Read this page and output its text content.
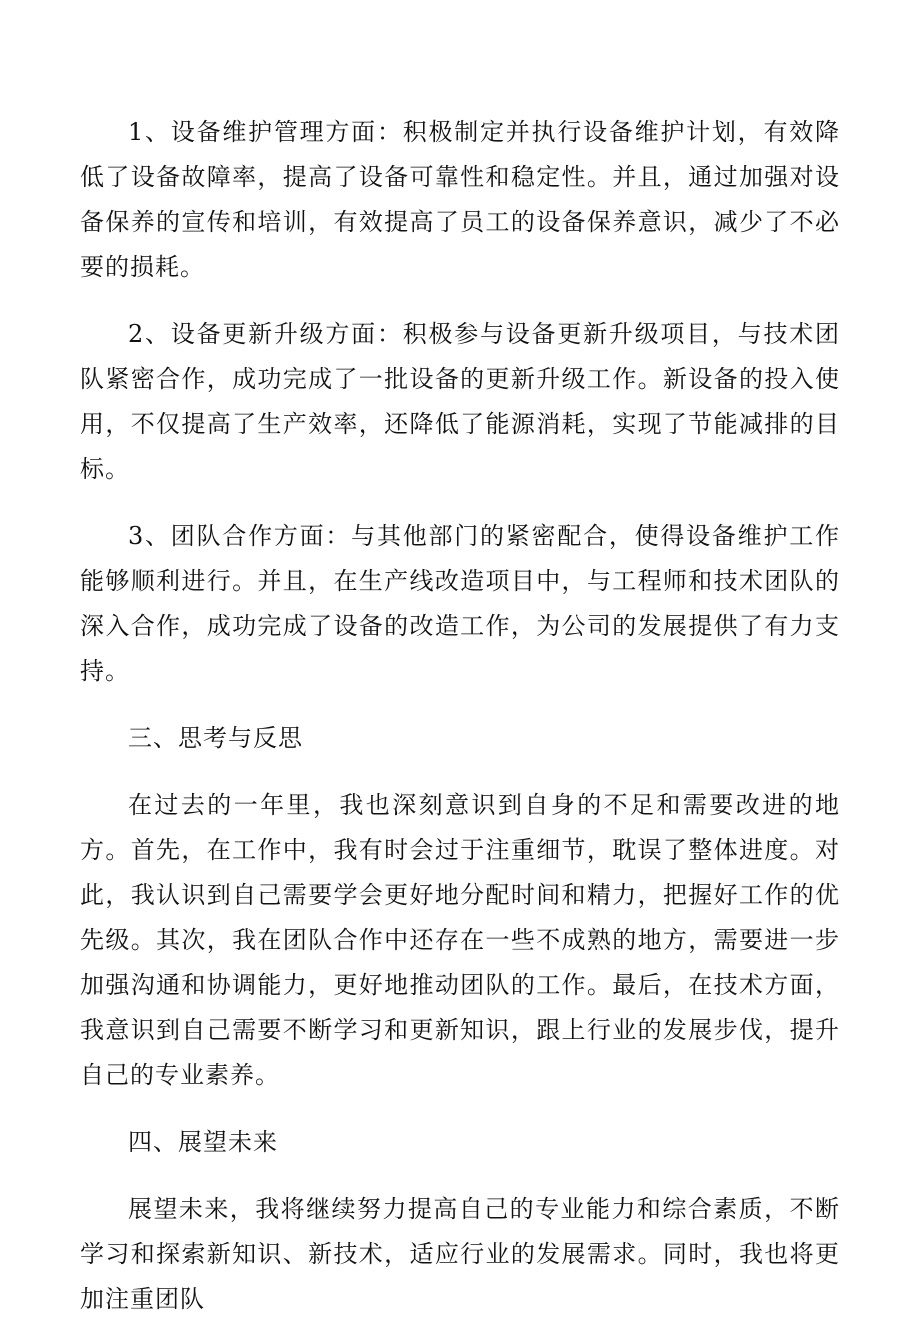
1、设备维护管理方面：积极制定并执行设备维护计划，有效降低了设备故障率，提高了设备可靠性和稳定性。并且，通过加强对设备保养的宣传和培训，有效提高了员工的设备保养意识，减少了不必要的损耗。

2、设备更新升级方面：积极参与设备更新升级项目，与技术团队紧密合作，成功完成了一批设备的更新升级工作。新设备的投入使用，不仅提高了生产效率，还降低了能源消耗，实现了节能减排的目标。

3、团队合作方面：与其他部门的紧密配合，使得设备维护工作能够顺利进行。并且，在生产线改造项目中，与工程师和技术团队的深入合作，成功完成了设备的改造工作，为公司的发展提供了有力支持。

三、思考与反思

在过去的一年里，我也深刻意识到自身的不足和需要改进的地方。首先，在工作中，我有时会过于注重细节，耽误了整体进度。对此，我认识到自己需要学会更好地分配时间和精力，把握好工作的优先级。其次，我在团队合作中还存在一些不成熟的地方，需要进一步加强沟通和协调能力，更好地推动团队的工作。最后，在技术方面，我意识到自己需要不断学习和更新知识，跟上行业的发展步伐，提升自己的专业素养。

四、展望未来

展望未来，我将继续努力提高自己的专业能力和综合素质，不断学习和探索新知识、新技术，适应行业的发展需求。同时，我也将更加注重团队
